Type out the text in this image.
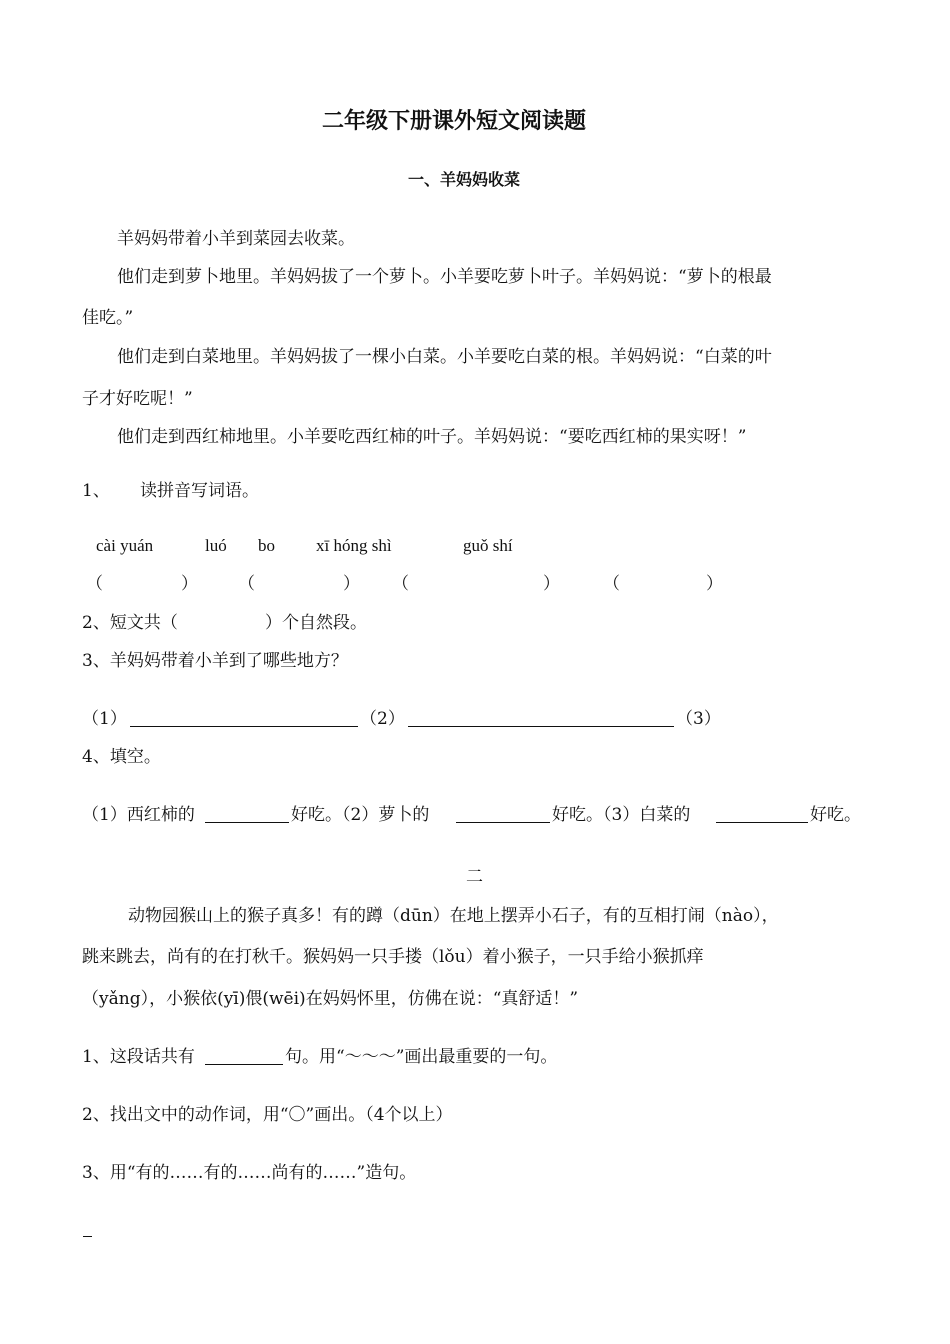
二年级下册课外短文阅读题
一、羊妈妈收菜
羊妈妈带着小羊到菜园去收菜。
他们走到萝卜地里。羊妈妈拔了一个萝卜。小羊要吃萝卜叶子。羊妈妈说：“萝卜的根最
佳吃。”
他们走到白菜地里。羊妈妈拔了一棵小白菜。小羊要吃白菜的根。羊妈妈说：“白菜的叶
子才好吃呢！”
他们走到西红柿地里。小羊要吃西红柿的叶子。羊妈妈说：“要吃西红柿的果实呀！”
1、 读拼音写词语。
cài yuán	luó bo xī hóng shì	guǒ shí
（	） （	） （	）	（	）
2、短文共（	）个自然段。
3、羊妈妈带着小羊到了哪些地方？
（1）	（2）	（3）
4、填空。
（1）西红柿的	好吃。（2）萝卜的	好吃。（3）白菜的	好吃。
二
动物园猴山上的猴子真多！有的蹲（dūn）在地上摆弄小石子，有的互相打闹（nào），
跳来跳去，尚有的在打秋千。猴妈妈一只手搂（lǒu）着小猴子，一只手给小猴抓痒
（yǎng），小猴依(yī)偎(wēi)在妈妈怀里，仿佛在说：“真舒适！”
1、这段话共有	句。用“～～～”画出最重要的一句。
2、找出文中的动作词，用“〇”画出。（4个以上）
3、用“有的……有的……尚有的……”造句。
